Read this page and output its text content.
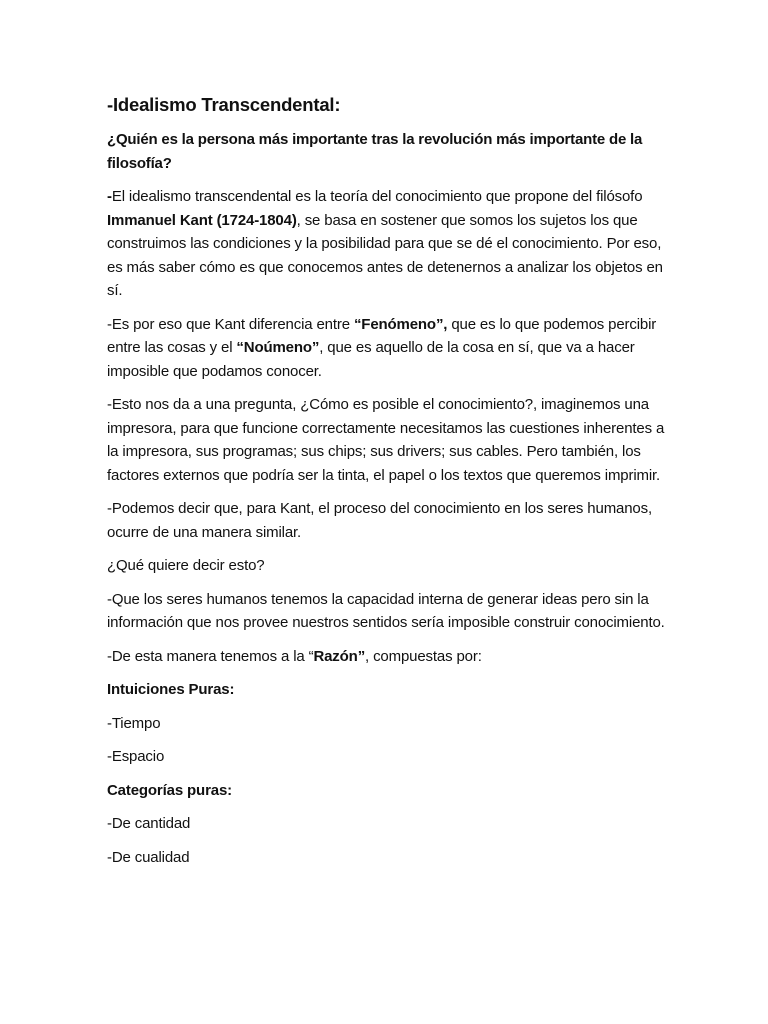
-Idealismo Transcendental:
¿Quién es la persona más importante tras la revolución más importante de la filosofía?
-El idealismo transcendental es la teoría del conocimiento que propone del filósofo Immanuel Kant (1724-1804), se basa en sostener que somos los sujetos los que construimos las condiciones y la posibilidad para que se dé el conocimiento. Por eso, es más saber cómo es que conocemos antes de detenernos a analizar los objetos en sí.
-Es por eso que Kant diferencia entre “Fenómeno”, que es lo que podemos percibir entre las cosas y el “Noúmeno”, que es aquello de la cosa en sí, que va a hacer imposible que podamos conocer.
-Esto nos da a una pregunta, ¿Cómo es posible el conocimiento?, imaginemos una impresora, para que funcione correctamente necesitamos las cuestiones inherentes a la impresora, sus programas; sus chips; sus drivers; sus cables. Pero también, los factores externos que podría ser la tinta, el papel o los textos que queremos imprimir.
-Podemos decir que, para Kant, el proceso del conocimiento en los seres humanos, ocurre de una manera similar.
¿Qué quiere decir esto?
-Que los seres humanos tenemos la capacidad interna de generar ideas pero sin la información que nos provee nuestros sentidos sería imposible construir conocimiento.
-De esta manera tenemos a la “Razón”, compuestas por:
Intuiciones Puras:
-Tiempo
-Espacio
Categorías puras:
-De cantidad
-De cualidad
